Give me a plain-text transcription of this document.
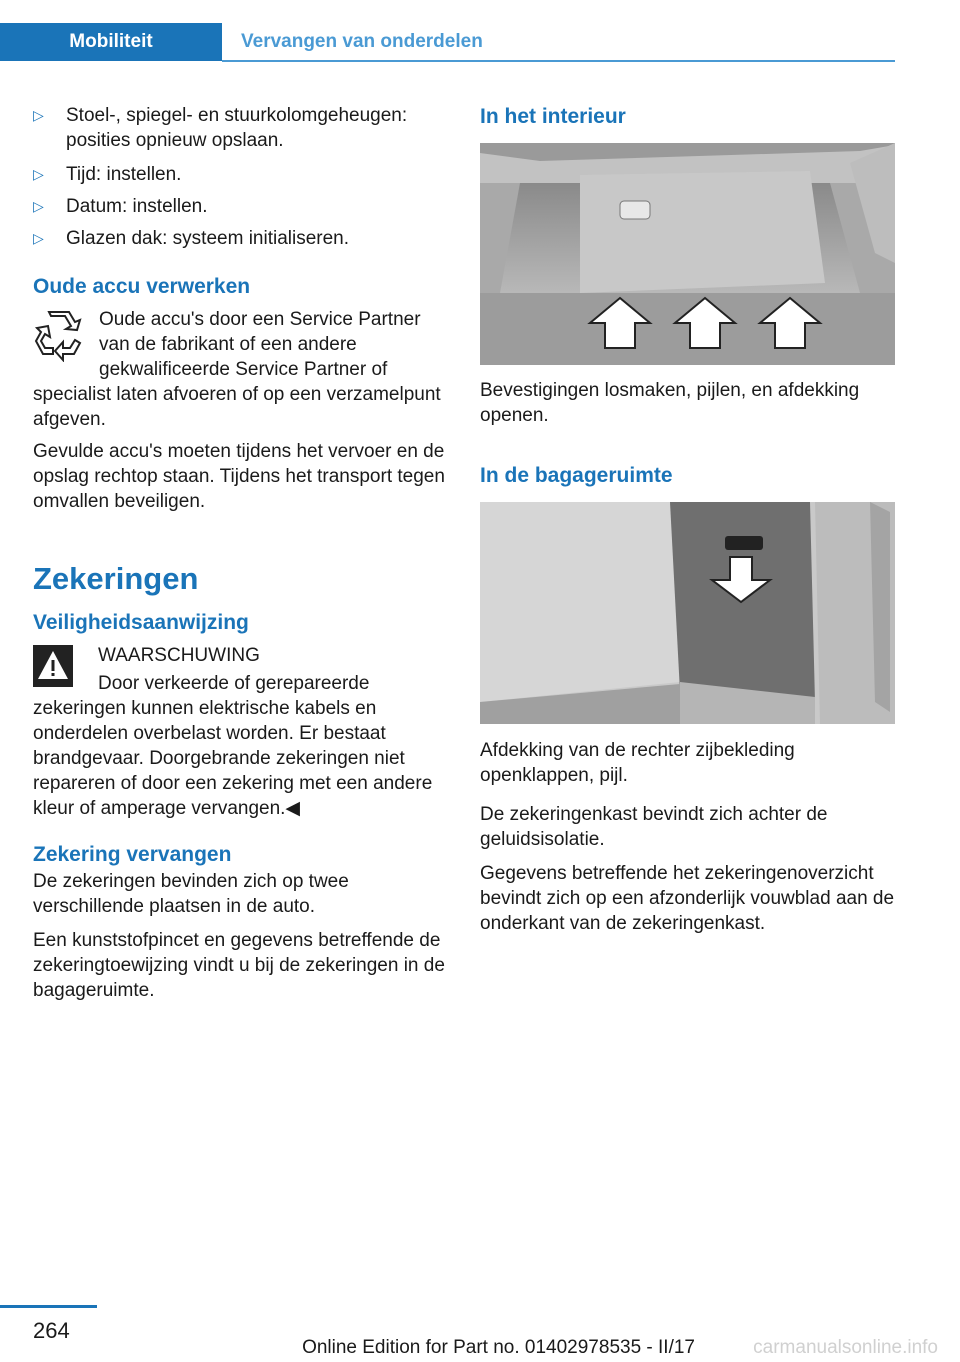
Mobiliteit	Vervangen van onderdelen
▷ Stoel-, spiegel- en stuurkolomgeheugen: posities opnieuw opslaan.
▷ Tijd: instellen.
▷ Datum: instellen.
▷ Glazen dak: systeem initialiseren.
Oude accu verwerken

Oude accu's door een Service Partner van de fabrikant of een andere gekwalificeerde Service Partner of specialist laten afvoeren of op een verzamelpunt afgeven.

Gevulde accu's moeten tijdens het vervoer en de opslag rechtop staan. Tijdens het transport tegen omvallen beveiligen.

Zekeringen
Veiligheidsaanwijzing
WAARSCHUWING

Door verkeerde of gerepareerde zekeringen kunnen elektrische kabels en onderdelen overbelast worden. Er bestaat brandgevaar. Doorgebrande zekeringen niet repareren of door een zekering met een andere kleur of amperage vervangen.◀

Zekering vervangen

De zekeringen bevinden zich op twee verschillende plaatsen in de auto.

Een kunststofpincet en gegevens betreffende de zekeringtoewijzing vindt u bij de zekeringen in de bagageruimte.

In het interieur

Bevestigingen losmaken, pijlen, en afdekking openen.

In de bagageruimte

Afdekking van de rechter zijbekleding openklappen, pijl.

De zekeringenkast bevindt zich achter de geluidsisolatie.

Gegevens betreffende het zekeringenoverzicht bevindt zich op een afzonderlijk vouwblad aan de onderkant van de zekeringenkast.

264
Online Edition for Part no. 01402978535 - II/17	carmanualsonline.info
